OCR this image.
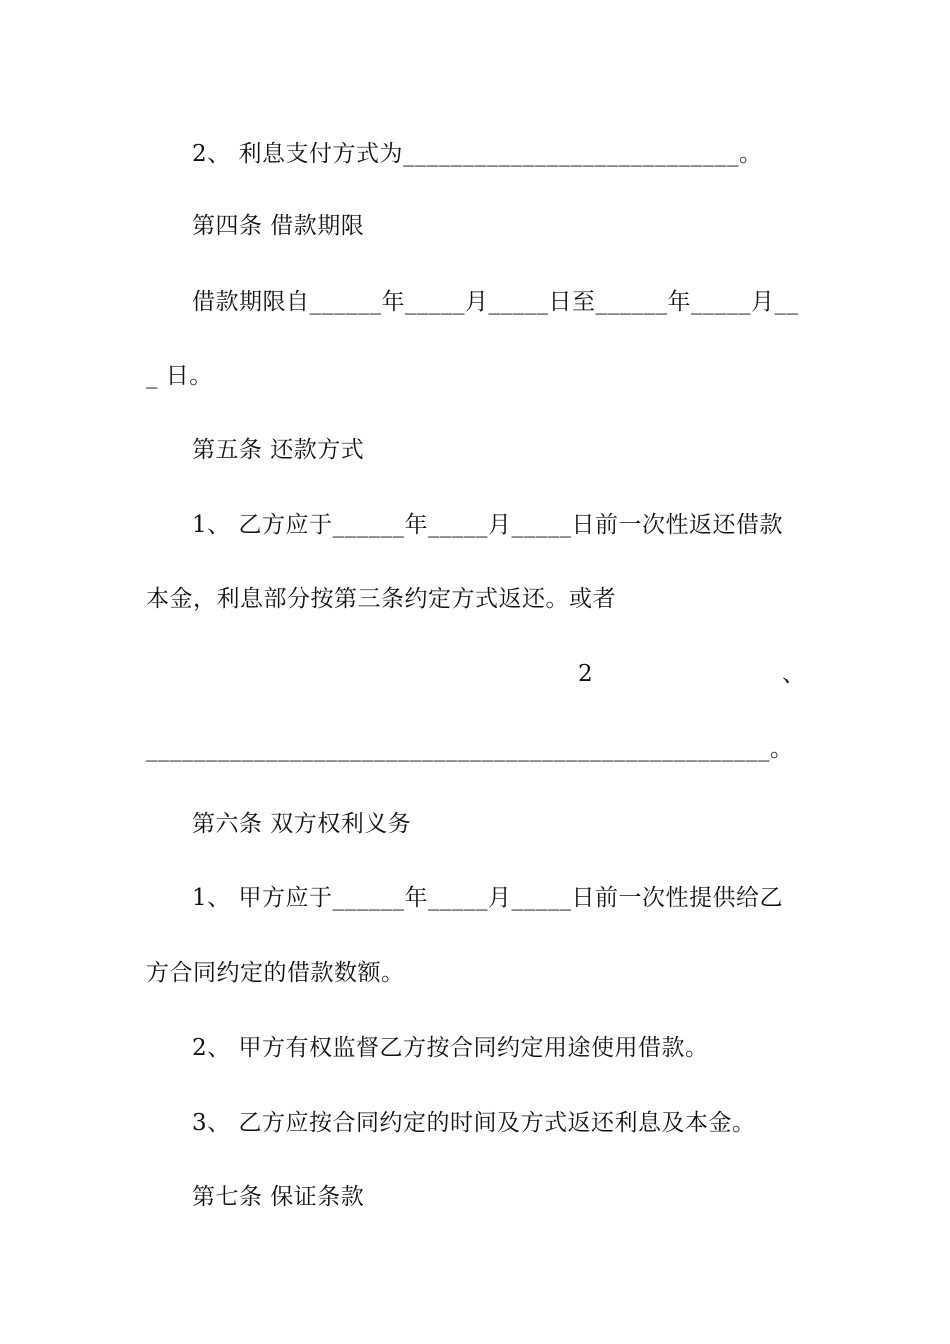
2、 利息支付方式为____________________________。
第四条 借款期限
借款期限自______年_____月_____日至______年_____月__
_ 日。
第五条 还款方式
1、 乙方应于______年_____月_____日前一次性返还借款
本金，利息部分按第三条约定方式返还。或者
2	、
____________________________________________________。
第六条 双方权利义务
1、 甲方应于______年_____月_____日前一次性提供给乙
方合同约定的借款数额。
2、 甲方有权监督乙方按合同约定用途使用借款。
3、 乙方应按合同约定的时间及方式返还利息及本金。
第七条 保证条款
